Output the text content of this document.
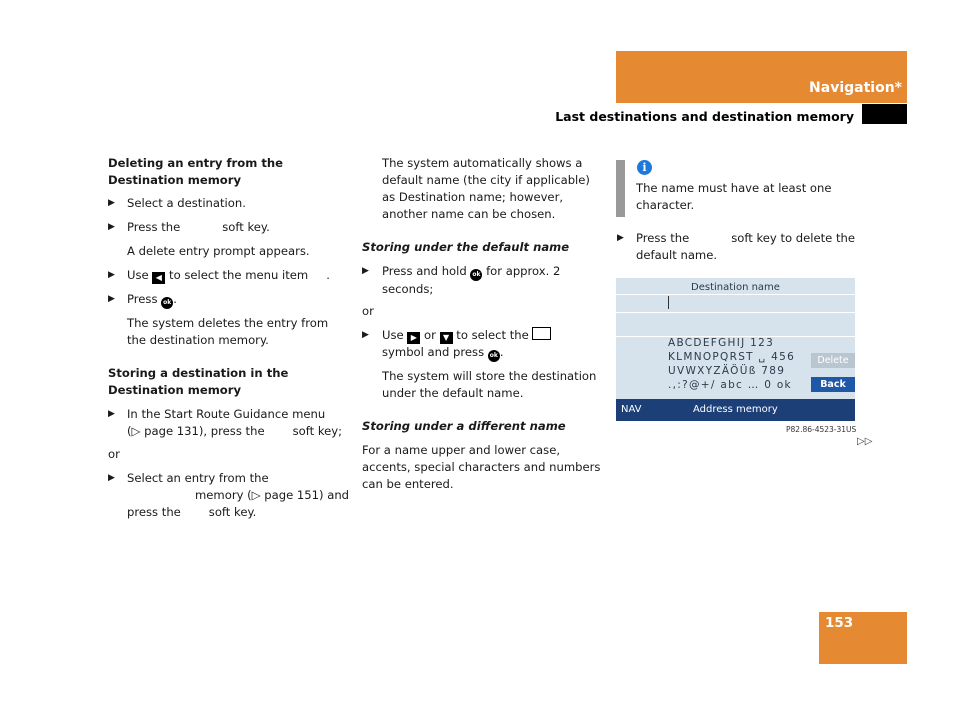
Navigation*
Last destinations and destination memory
Deleting an entry from the Destination memory
▶ Select a destination.
▶ Press the	soft key.
A delete entry prompt appears.
▶ Use ◀ to select the menu item .
▶ Press ok .
The system deletes the entry from the destination memory.
Storing a destination in the Destination memory
▶ In the Start Route Guidance menu
(▷ page 131), press the soft key;
or
▶ Select an entry from the
memory (▷ page 151) and
press the soft key.
The system automatically shows a default name (the city if applicable) as Destination name; however, another name can be chosen.
Storing under the default name
▶ Press and hold ok for approx. 2 seconds;
or
▶ Use ▶ or ▼ to select the
symbol and press ok .
The system will store the destination under the default name.
Storing under a different name
For a name upper and lower case, accents, special characters and numbers can be entered.
i
The name must have at least one character.
▶ Press the	soft key to delete the default name.
Destination name
ABCDEFGHIJ 123
KLMNOPQRST ␣ 456
UVWXYZÄÖÜß 789
.,:?@+/ abc … 0 ok
Delete
Back
NAV	Address memory
P82.86-4523-31US
▷▷
153
